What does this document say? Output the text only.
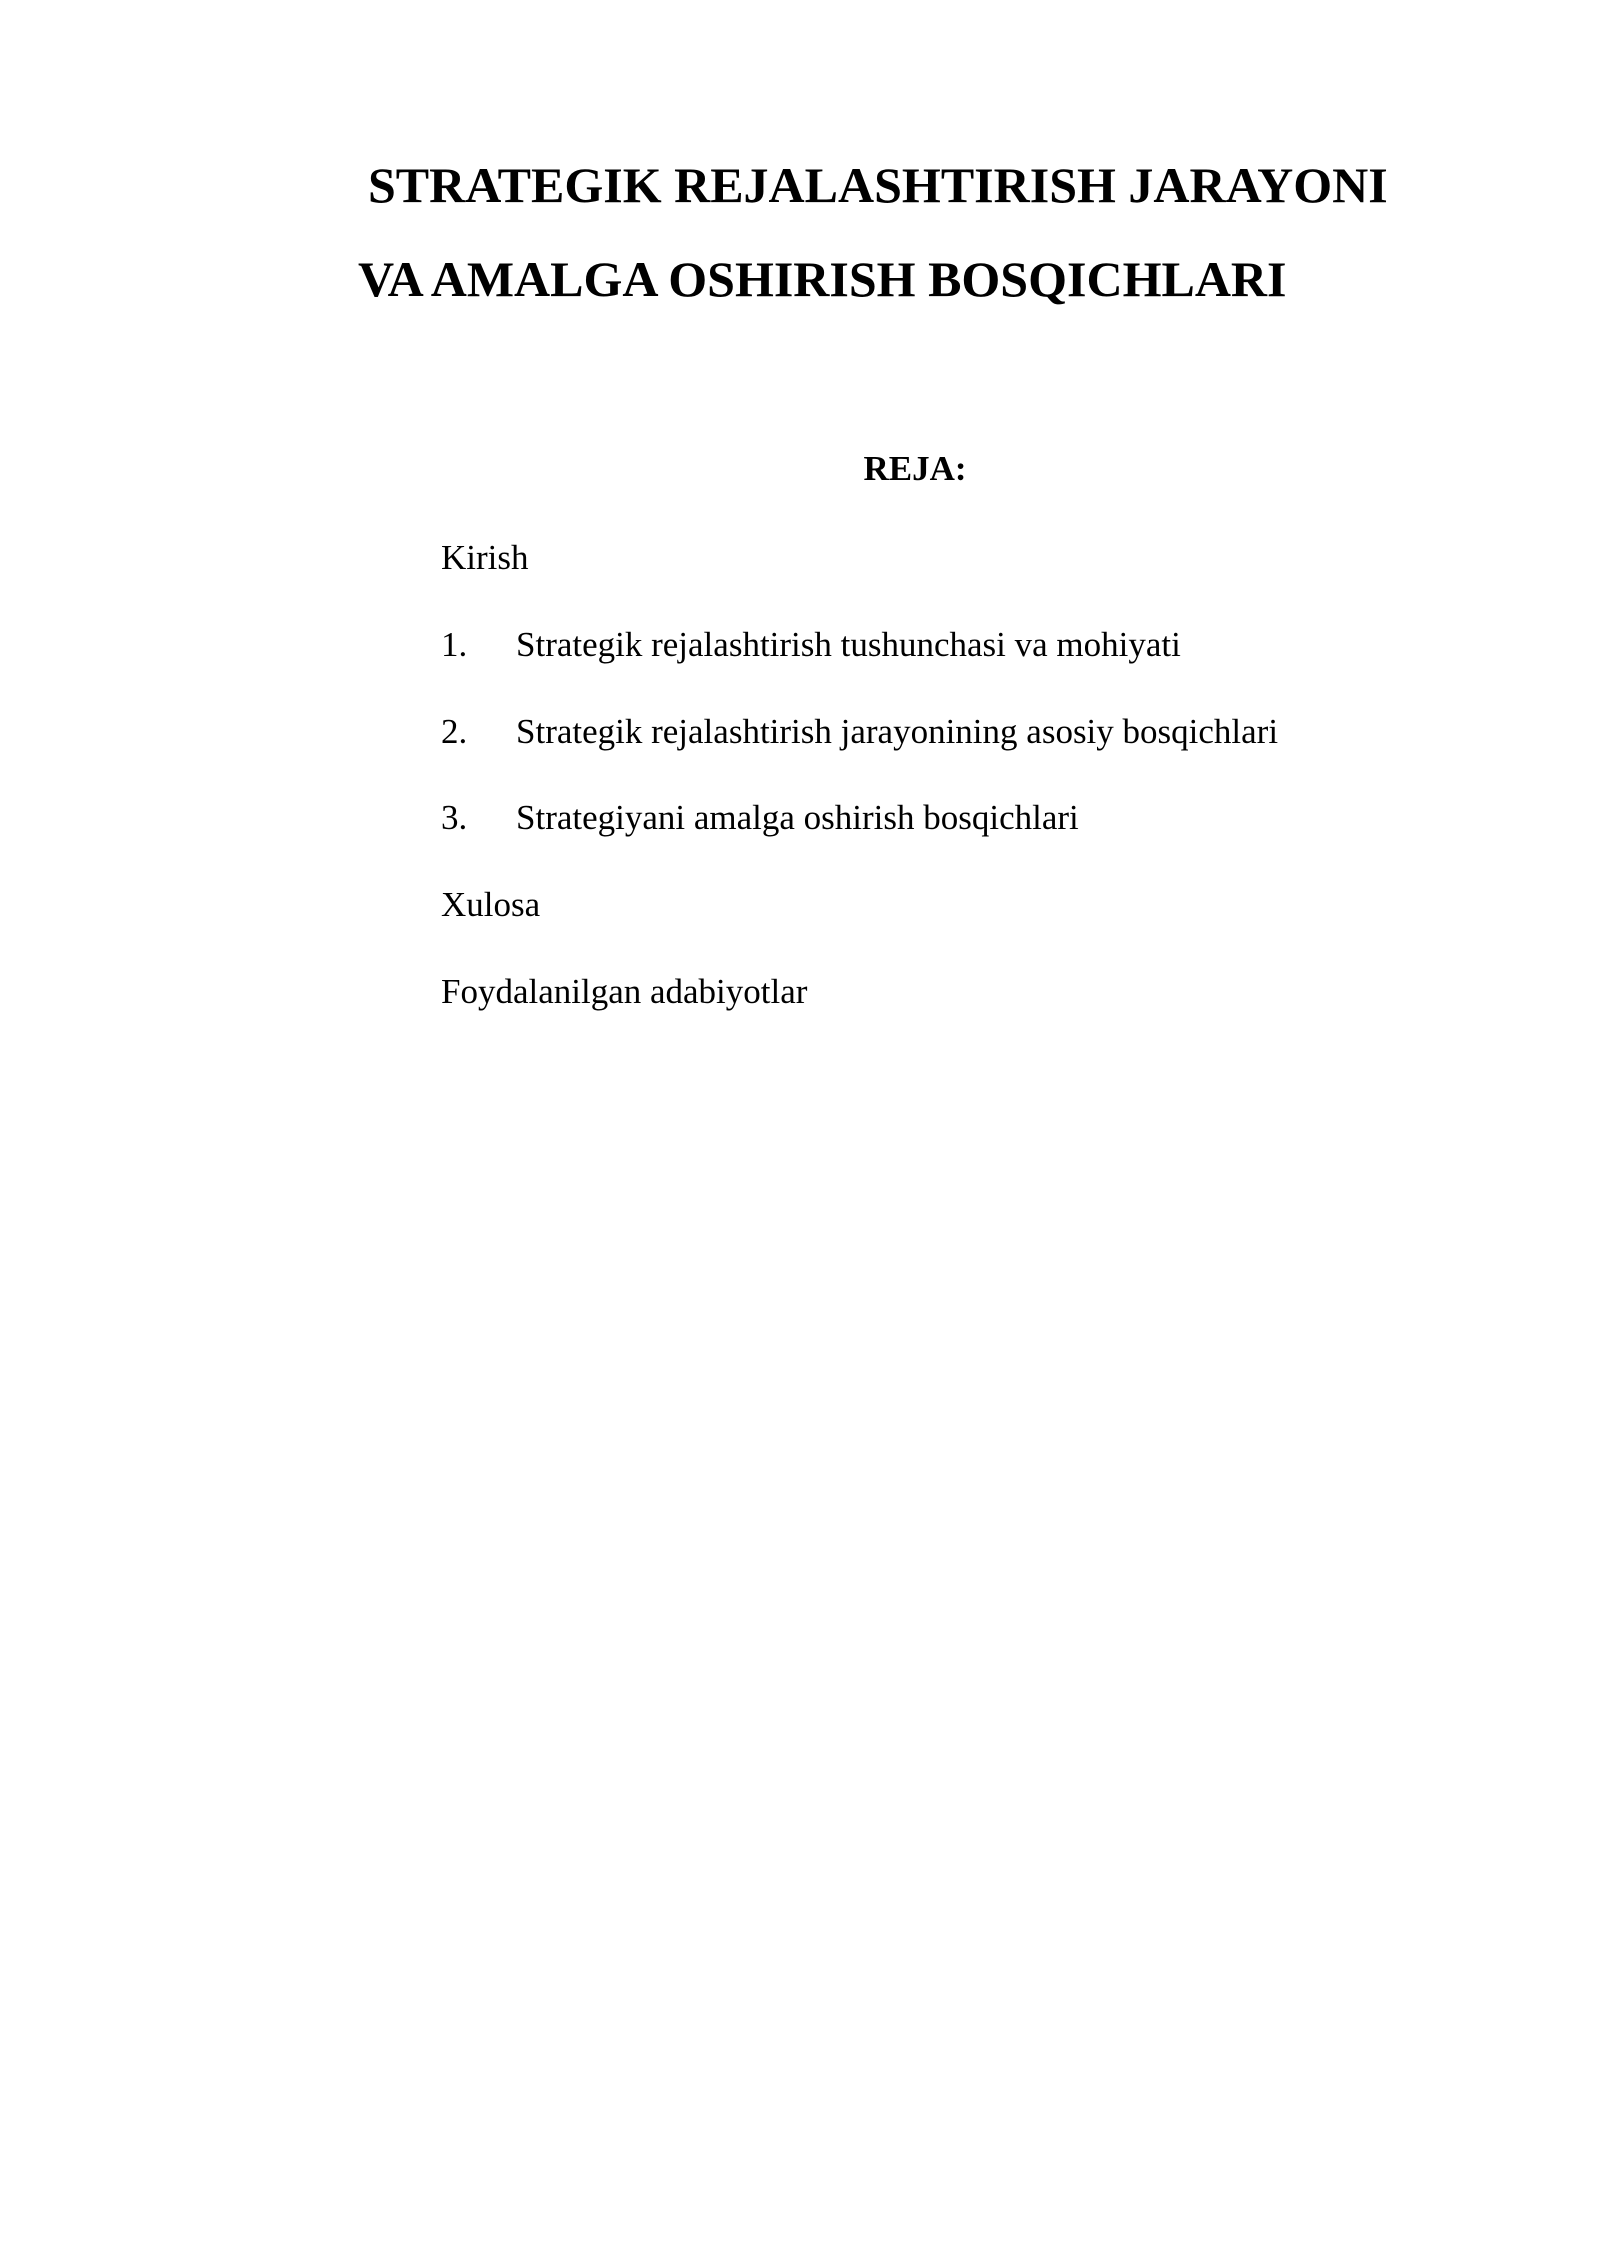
STRATEGIK REJALASHTIRISH JARAYONI
VA AMALGA OSHIRISH BOSQICHLARI
REJA:
Kirish
1. Strategik rejalashtirish tushunchasi va mohiyati
2. Strategik rejalashtirish jarayonining asosiy bosqichlari
3. Strategiyani amalga oshirish bosqichlari
Xulosa
Foydalanilgan adabiyotlar
